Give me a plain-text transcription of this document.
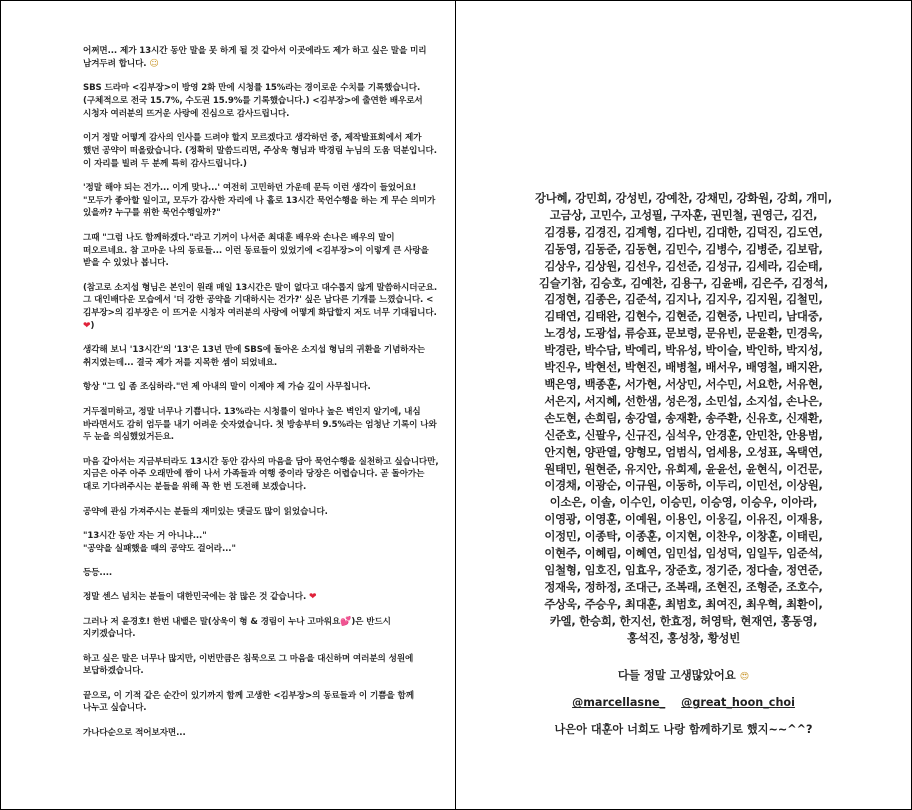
어쩌면... 제가 13시간 동안 말을 못 하게 될 것 같아서 이곳에라도 제가 하고 싶은 말을 미리 남겨두려 합니다. ☺

SBS 드라마 <김부장>이 방영 2화 만에 시청률 15%라는 경이로운 수치를 기록했습니다. (구체적으로 전국 15.7%, 수도권 15.9%를 기록했습니다.) <김부장>에 출연한 배우로서 시청자 여러분의 뜨거운 사랑에 진심으로 감사드립니다.

이거 정말 어떻게 감사의 인사를 드려야 할지 모르겠다고 생각하던 중, 제작발표회에서 제가 했던 공약이 떠올랐습니다. (정확히 말씀드리면, 주상욱 형님과 박경림 누님의 도움 덕분입니다. 이 자리를 빌려 두 분께 특히 감사드립니다.)

'정말 해야 되는 건가... 이게 맞나...' 여전히 고민하던 가운데 문득 이런 생각이 들었어요! "모두가 좋아할 일이고, 모두가 감사한 자리에 나 홀로 13시간 묵언수행을 하는 게 무슨 의미가 있을까? 누구를 위한 묵언수행일까?"

그때 "그럼 나도 함께하겠다."라고 기꺼이 나서준 최대훈 배우와 손나은 배우의 말이 떠오르네요. 참 고마운 나의 동료들... 이런 동료들이 있었기에 <김부장>이 이렇게 큰 사랑을 받을 수 있었나 봅니다.

(참고로 소지섭 형님은 본인이 원래 매일 13시간은 말이 없다고 대수롭지 않게 말씀하시더군요. 그 대인배다운 모습에서 '더 강한 공약을 기대하시는 건가?' 싶은 남다른 기개를 느꼈습니다. <김부장>의 김부장은 이 뜨거운 시청자 여러분의 사랑에 어떻게 화답할지 저도 너무 기대됩니다. ❤)

생각해 보니 '13시간'의 '13'은 13년 만에 SBS에 돌아온 소지섭 형님의 귀환을 기념하자는 취지였는데... 결국 제가 저를 지목한 셈이 되었네요.

항상 "그 입 좀 조심하라."던 제 아내의 말이 이제야 제 가슴 깊이 사무칩니다.

거두절미하고, 정말 너무나 기쁩니다. 13%라는 시청률이 얼마나 높은 벽인지 알기에, 내심 바라면서도 감히 엄두를 내기 어려운 숫자였습니다. 첫 방송부터 9.5%라는 엄청난 기록이 나와 두 눈을 의심했었거든요.

마음 같아서는 지금부터라도 13시간 동안 감사의 마음을 담아 묵언수행을 실천하고 싶습니다만, 지금은 아주 아주 오래만에 짬이 나서 가족들과 여행 중이라 당장은 어렵습니다. 곧 돌아가는 대로 기다려주시는 분들을 위해 꼭 한 번 도전해 보겠습니다.

공약에 관심 가져주시는 분들의 재미있는 댓글도 많이 읽었습니다.

"13시간 동안 자는 거 아니냐..."
"공약을 실패했을 때의 공약도 걸어라..."

등등....

정말 센스 넘치는 분들이 대한민국에는 참 많은 것 같습니다. ❤

그러나 저 윤경호! 한번 내뱉은 말(상욱이 형 & 경림이 누나 고마워요💕)은 반드시 지키겠습니다.

하고 싶은 말은 너무나 많지만, 이번만큼은 침묵으로 그 마음을 대신하며 여러분의 성원에 보답하겠습니다.

끝으로, 이 기적 같은 순간이 있기까지 함께 고생한 <김부장>의 동료들과 이 기쁨을 함께 나누고 싶습니다.

가나다순으로 적어보자면...

강나혜, 강민희, 강성빈, 강예찬, 강채민, 강화원, 강희, 개미, 고금상, 고민수, 고성필, 구자훈, 권민철, 권영근, 김건, 김경룡, 김경진, 김계형, 김다빈, 김대한, 김덕진, 김도연, 김동영, 김동준, 김동현, 김민수, 김병수, 김병준, 김보람, 김상우, 김상원, 김선우, 김선준, 김성규, 김세라, 김순태, 김슬기참, 김승호, 김예찬, 김용구, 김윤배, 김은주, 김정석, 김정현, 김종은, 김준석, 김지나, 김지우, 김지원, 김철민, 김태연, 김태완, 김현수, 김현준, 김현중, 나민리, 남대중, 노경성, 도광섭, 류승표, 문보령, 문유빈, 문윤환, 민경욱, 박경란, 박수담, 박예리, 박유성, 박이슬, 박인하, 박지성, 박진우, 박현선, 박현진, 배병철, 배서우, 배영철, 배지완, 백은영, 백종훈, 서가현, 서상민, 서수민, 서요한, 서유현, 서은지, 서지혜, 선한샘, 성은정, 소민섭, 소지섭, 손나은, 손도현, 손희림, 송강열, 송재환, 송주환, 신유호, 신재환, 신준호, 신팔우, 신규진, 심석우, 안경훈, 안민찬, 안용범, 안지현, 양관열, 양형모, 엄범식, 엄세용, 오성표, 옥택연, 원태민, 원현준, 유지안, 유희제, 윤윤선, 윤현식, 이건문, 이경채, 이광순, 이규원, 이동하, 이두리, 이민선, 이상원, 이소은, 이솔, 이수인, 이승민, 이승영, 이승우, 이아라, 이영광, 이영훈, 이예원, 이용인, 이웅길, 이유진, 이재용, 이정민, 이종탁, 이종훈, 이지현, 이찬우, 이창훈, 이태린, 이현주, 이혜림, 이혜연, 임민섭, 임성덕, 임일두, 임준석, 임철형, 임호진, 임효우, 장준호, 정기준, 정다솔, 정연준, 정재욱, 정하정, 조대근, 조복래, 조현진, 조형준, 조호수, 주상욱, 주승우, 최대훈, 최범호, 최여진, 최우혁, 최환이, 카엘, 한승희, 한지선, 한효정, 허영탁, 현재연, 홍동영, 홍석진, 홍성창, 황성빈
다들 정말 고생많았어요 😍
@marcellasne_ @great_hoon_choi
나은아 대훈아 너희도 나랑 함께하기로 했지~~^^?
